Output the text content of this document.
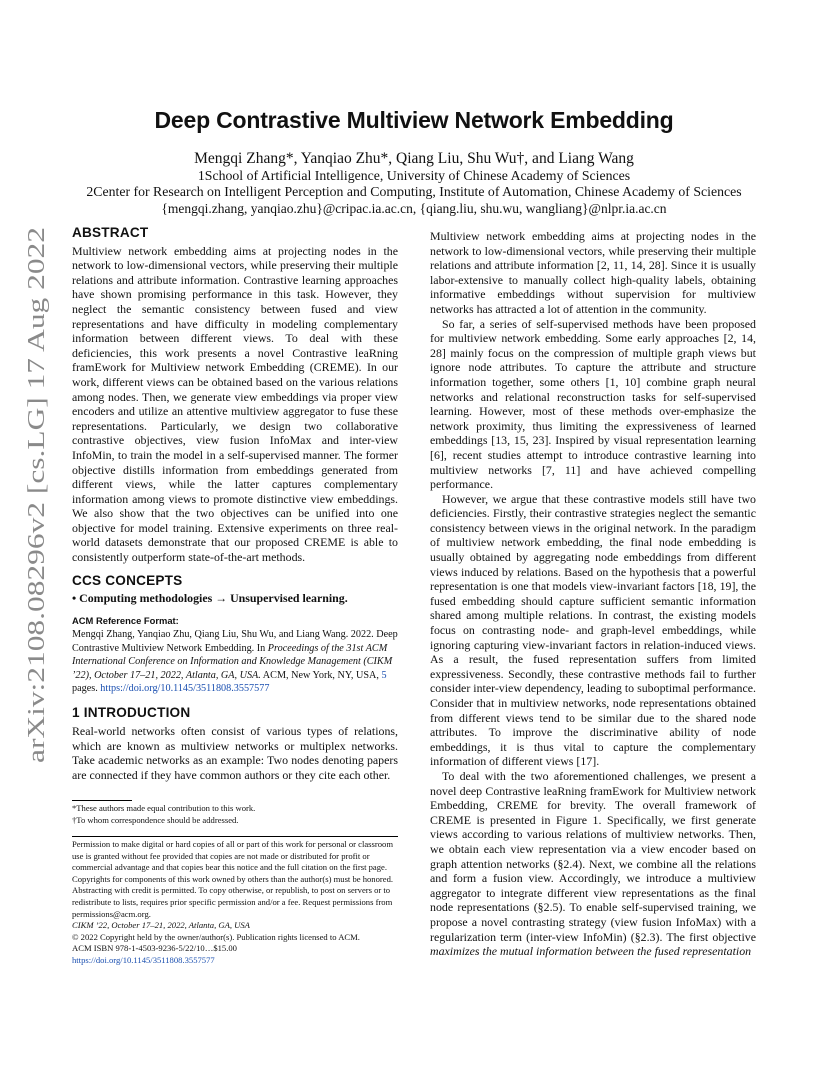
arXiv:2108.08296v2 [cs.LG] 17 Aug 2022
Deep Contrastive Multiview Network Embedding
Mengqi Zhang*, Yanqiao Zhu*, Qiang Liu, Shu Wu†, and Liang Wang
1School of Artificial Intelligence, University of Chinese Academy of Sciences
2Center for Research on Intelligent Perception and Computing, Institute of Automation, Chinese Academy of Sciences
{mengqi.zhang, yanqiao.zhu}@cripac.ia.ac.cn, {qiang.liu, shu.wu, wangliang}@nlpr.ia.ac.cn
ABSTRACT

Multiview network embedding aims at projecting nodes in the network to low-dimensional vectors, while preserving their multiple relations and attribute information. Contrastive learning approaches have shown promising performance in this task. However, they neglect the semantic consistency between fused and view representations and have difficulty in modeling complementary information between different views. To deal with these deficiencies, this work presents a novel Contrastive leaRning framEwork for Multiview network Embedding (CREME). In our work, different views can be obtained based on the various relations among nodes. Then, we generate view embeddings via proper view encoders and utilize an attentive multiview aggregator to fuse these representations. Particularly, we design two collaborative contrastive objectives, view fusion InfoMax and inter-view InfoMin, to train the model in a self-supervised manner. The former objective distills information from embeddings generated from different views, while the latter captures complementary information among views to promote distinctive view embeddings. We also show that the two objectives can be unified into one objective for model training. Extensive experiments on three real-world datasets demonstrate that our proposed CREME is able to consistently outperform state-of-the-art methods.

CCS CONCEPTS
• Computing methodologies → Unsupervised learning.
ACM Reference Format:
Mengqi Zhang, Yanqiao Zhu, Qiang Liu, Shu Wu, and Liang Wang. 2022. Deep Contrastive Multiview Network Embedding. In Proceedings of the 31st ACM International Conference on Information and Knowledge Management (CIKM ’22), October 17–21, 2022, Atlanta, GA, USA. ACM, New York, NY, USA, 5 pages. https://doi.org/10.1145/3511808.3557577
1 INTRODUCTION

Real-world networks often consist of various types of relations, which are known as multiview networks or multiplex networks. Take academic networks as an example: Two nodes denoting papers are connected if they have common authors or they cite each other.

*These authors made equal contribution to this work.
†To whom correspondence should be addressed.

Permission to make digital or hard copies of all or part of this work for personal or classroom use is granted without fee provided that copies are not made or distributed for profit or commercial advantage and that copies bear this notice and the full citation on the first page. Copyrights for components of this work owned by others than the author(s) must be honored. Abstracting with credit is permitted. To copy otherwise, or republish, to post on servers or to redistribute to lists, requires prior specific permission and/or a fee. Request permissions from permissions@acm.org.

CIKM ’22, October 17–21, 2022, Atlanta, GA, USA

© 2022 Copyright held by the owner/author(s). Publication rights licensed to ACM.

ACM ISBN 978-1-4503-9236-5/22/10…$15.00

https://doi.org/10.1145/3511808.3557577

Multiview network embedding aims at projecting nodes in the network to low-dimensional vectors, while preserving their multiple relations and attribute information [2, 11, 14, 28]. Since it is usually labor-extensive to manually collect high-quality labels, obtaining informative embeddings without supervision for multiview networks has attracted a lot of attention in the community.

So far, a series of self-supervised methods have been proposed for multiview network embedding. Some early approaches [2, 14, 28] mainly focus on the compression of multiple graph views but ignore node attributes. To capture the attribute and structure information together, some others [1, 10] combine graph neural networks and relational reconstruction tasks for self-supervised learning. However, most of these methods over-emphasize the network proximity, thus limiting the expressiveness of learned embeddings [13, 15, 23]. Inspired by visual representation learning [6], recent studies attempt to introduce contrastive learning into multiview networks [7, 11] and have achieved compelling performance.

However, we argue that these contrastive models still have two deficiencies. Firstly, their contrastive strategies neglect the semantic consistency between views in the original network. In the paradigm of multiview network embedding, the final node embedding is usually obtained by aggregating node embeddings from different views induced by relations. Based on the hypothesis that a powerful representation is one that models view-invariant factors [18, 19], the fused embedding should capture sufficient semantic information shared among multiple relations. In contrast, the existing models focus on contrasting node- and graph-level embeddings, while ignoring capturing view-invariant factors in relation-induced views. As a result, the fused representation suffers from limited expressiveness. Secondly, these contrastive methods fail to further consider inter-view dependency, leading to suboptimal performance. Consider that in multiview networks, node representations obtained from different views tend to be similar due to the shared node attributes. To improve the discriminative ability of node embeddings, it is thus vital to capture the complementary information of different views [17].

To deal with the two aforementioned challenges, we present a novel deep Contrastive leaRning framEwork for Multiview network Embedding, CREME for brevity. The overall framework of CREME is presented in Figure 1. Specifically, we first generate views according to various relations of multiview networks. Then, we obtain each view representation via a view encoder based on graph attention networks (§2.4). Next, we combine all the relations and form a fusion view. Accordingly, we introduce a multiview aggregator to integrate different view representations as the final node representations (§2.5). To enable self-supervised training, we propose a novel contrasting strategy (view fusion InfoMax) with a regularization term (inter-view InfoMin) (§2.3). The first objective maximizes the mutual information between the fused representation
